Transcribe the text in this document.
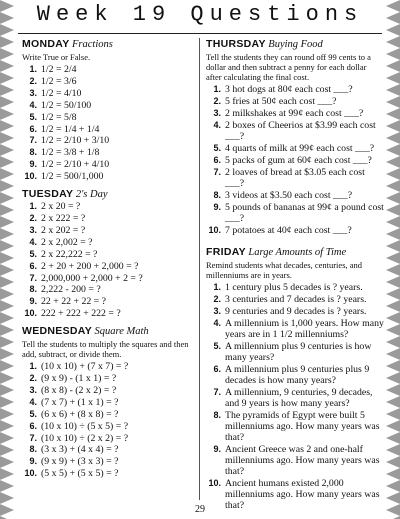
Week 19 Questions

MONDAY Fractions

Write True or False.

1. 1/2 = 2/4
2. 1/2 = 3/6
3. 1/2 = 4/10
4. 1/2 = 50/100
5. 1/2 = 5/8
6. 1/2 = 1/4 + 1/4
7. 1/2 = 2/10 + 3/10
8. 1/2 = 3/8 + 1/8
9. 1/2 = 2/10 + 4/10
10. 1/2 = 500/1,000

TUESDAY 2's Day

1. 2 x 20 = ?
2. 2 x 222 = ?
3. 2 x 202 = ?
4. 2 x 2,002 = ?
5. 2 x 22,222 = ?
6. 2 + 20 + 200 + 2,000 = ?
7. 2,000,000 + 2,000 + 2 = ?
8. 2,222 - 200 = ?
9. 22 + 22 + 22 = ?
10. 222 + 222 + 222 = ?

WEDNESDAY Square Math

Tell the students to multiply the squares and then add, subtract, or divide them.

1. (10 x 10) + (7 x 7) = ?
2. (9 x 9) - (1 x 1) = ?
3. (8 x 8) - (2 x 2) = ?
4. (7 x 7) + (1 x 1) = ?
5. (6 x 6) + (8 x 8) = ?
6. (10 x 10) ÷ (5 x 5) = ?
7. (10 x 10) ÷ (2 x 2) = ?
8. (3 x 3) + (4 x 4) = ?
9. (9 x 9) + (3 x 3) = ?
10. (5 x 5) + (5 x 5) = ?

THURSDAY Buying Food

Tell the students they can round off 99 cents to a dollar and then subtract a penny for each dollar after calculating the final cost.

1. 3 hot dogs at 80¢ each cost ___?
2. 5 fries at 50¢ each cost ___?
3. 2 milkshakes at 99¢ each cost ___?
4. 2 boxes of Cheerios at $3.99 each cost ___?
5. 4 quarts of milk at 99¢ each cost ___?
6. 5 packs of gum at 60¢ each cost ___?
7. 2 loaves of bread at $3.05 each cost ___?
8. 3 videos at $3.50 each cost ___?
9. 5 pounds of bananas at 99¢ a pound cost ___?
10. 7 potatoes at 40¢ each cost ___?

FRIDAY Large Amounts of Time

Remind students what decades, centuries, and millenniums are in years.

1. 1 century plus 5 decades is ? years.
2. 3 centuries and 7 decades is ? years.
3. 9 centuries and 9 decades is ? years.
4. A millennium is 1,000 years. How many years are in 1 1/2 millenniums?
5. A millennium plus 9 centuries is how many years?
6. A millennium plus 9 centuries plus 9 decades is how many years?
7. A millennium, 9 centuries, 9 decades, and 9 years is how many years?
8. The pyramids of Egypt were built 5 millenniums ago. How many years was that?
9. Ancient Greece was 2 and one-half millenniums ago. How many years was that?
10. Ancient humans existed 2,000 millenniums ago. How many years was that?
29
